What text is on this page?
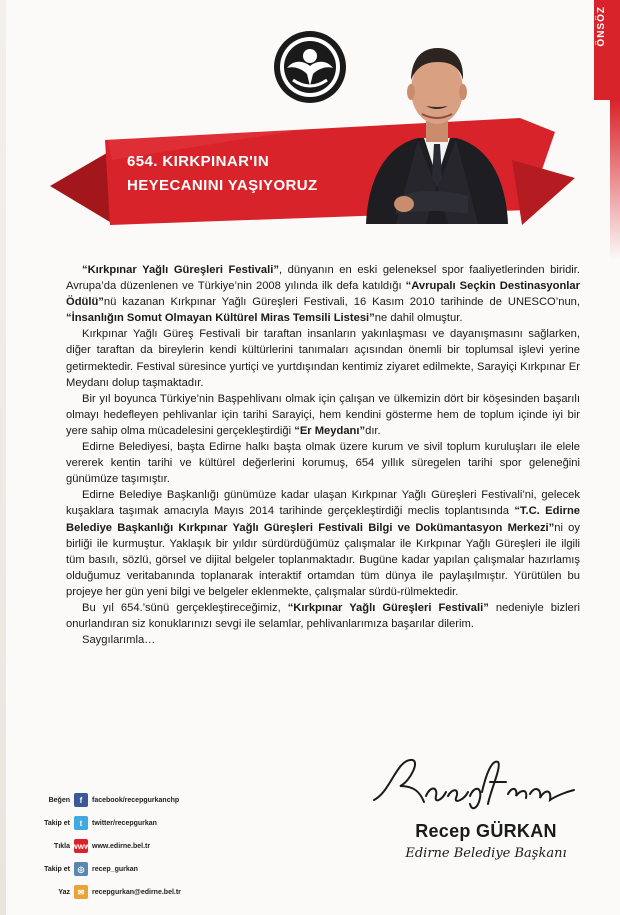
ÖNSÖZ
654. KIRKPINAR'IN
HEYECANINI YAŞIYORUZ

“Kırkpınar Yağlı Güreşleri Festivali”, dünyanın en eski geleneksel spor faaliyetlerinden biridir. Avrupa’da düzenlenen ve Türkiye’nin 2008 yılında ilk defa katıldığı “Avrupalı Seçkin Destinasyonlar Ödülü”nü kazanan Kırkpınar Yağlı Güreşleri Festivali, 16 Kasım 2010 tarihinde de UNESCO’nun, “İnsanlığın Somut Olmayan Kültürel Miras Temsili Listesi”ne dahil olmuştur.

Kırkpınar Yağlı Güreş Festivali bir taraftan insanların yakınlaşması ve dayanışmasını sağlarken, diğer taraftan da bireylerin kendi kültürlerini tanımaları açısından önemli bir toplumsal işlevi yerine getirmektedir. Festival süresince yurtiçi ve yurtdışından kentimiz ziyaret edilmekte, Sarayiçi Kırkpınar Er Meydanı dolup taşmaktadır.

Bir yıl boyunca Türkiye’nin Başpehlivanı olmak için çalışan ve ülkemizin dört bir köşesinden başarılı olmayı hedefleyen pehlivanlar için tarihi Sarayiçi, hem kendini gösterme hem de toplum içinde iyi bir yere sahip olma mücadelesini gerçekleştirdiği “Er Meydanı”dır.

Edirne Belediyesi, başta Edirne halkı başta olmak üzere kurum ve sivil toplum kuruluşları ile elele vererek kentin tarihi ve kültürel değerlerini korumuş, 654 yıllık süregelen tarihi spor geleneğini günümüze taşımıştır.

Edirne Belediye Başkanlığı günümüze kadar ulaşan Kırkpınar Yağlı Güreşleri Festivali’ni, gelecek kuşaklara taşımak amacıyla Mayıs 2014 tarihinde gerçekleştirdiği meclis toplantısında “T.C. Edirne Belediye Başkanlığı Kırkpınar Yağlı Güreşleri Festivali Bilgi ve Dokümantasyon Merkezi”ni oy birliği ile kurmuştur. Yaklaşık bir yıldır sürdürdüğümüz çalışmalar ile Kırkpınar Yağlı Güreşleri ile ilgili tüm basılı, sözlü, görsel ve dijital belgeler toplanmaktadır. Bugüne kadar yapılan çalışmalar hazırlamış olduğumuz veritabanında toplanarak interaktif ortamdan tüm dünya ile paylaşılmıştır. Yürütülen bu projeye her gün yeni bilgi ve belgeler eklenmekte, çalışmalar sürdü-rülmektedir.

Bu yıl 654.’sünü gerçekleştireceğimiz, “Kırkpınar Yağlı Güreşleri Festivali” nedeniyle bizleri onurlandıran siz konuklarınızı sevgi ile selamlar, pehlivanlarımıza başarılar dilerim.

Saygılarımla…

Beğen	f	facebook/recepgurkanchp
Takip et	t	twitter/recepgurkan
Tıkla www www.edirne.bel.tr
Takip et ◎	recep_gurkan
Yaz ✉	recepgurkan@edirne.bel.tr
Recep GÜRKAN
Edirne Belediye Başkanı
